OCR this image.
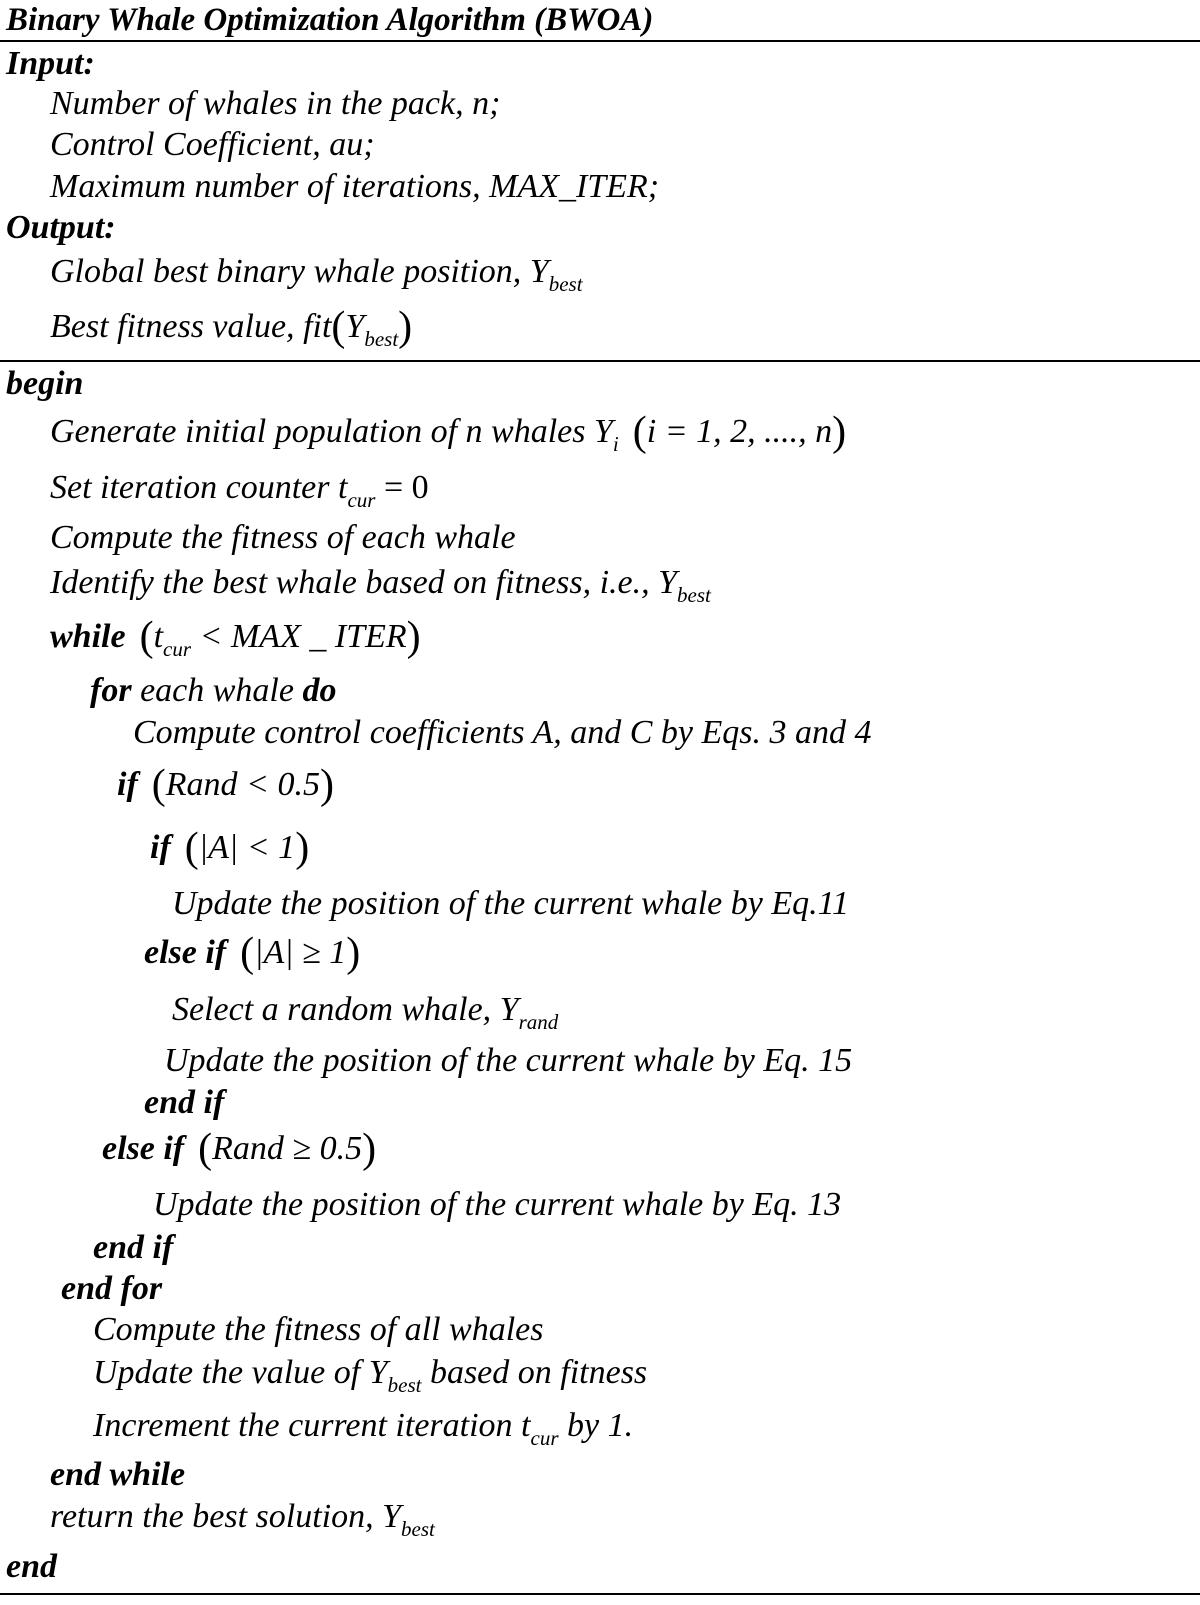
Binary Whale Optimization Algorithm (BWOA)
Input:
Number of whales in the pack, n;
Control Coefficient, au;
Maximum number of iterations, MAX_ITER;
Output:
Global best binary whale position, $Y_{best}$
Best fitness value, $fit(Y_{best})$
begin
Generate initial population of n whales $Y_i$ (i = 1, 2, ...., n)
Set iteration counter $t_{cur} = 0$
Compute the fitness of each whale
Identify the best whale based on fitness, i.e., $Y_{best}$
while ($t_{cur}$ < MAX _ ITER)
for each whale do
Compute control coefficients A, and C by Eqs. 3 and 4
if (Rand < 0.5)
if (|A| < 1)
Update the position of the current whale by Eq.11
else if (|A| ≥ 1)
Select a random whale, $Y_{rand}$
Update the position of the current whale by Eq. 15
end if
else if (Rand ≥ 0.5)
Update the position of the current whale by Eq. 13
end if
end for
Compute the fitness of all whales
Update the value of $Y_{best}$ based on fitness
Increment the current iteration $t_{cur}$ by 1.
end while
return the best solution, $Y_{best}$
end
